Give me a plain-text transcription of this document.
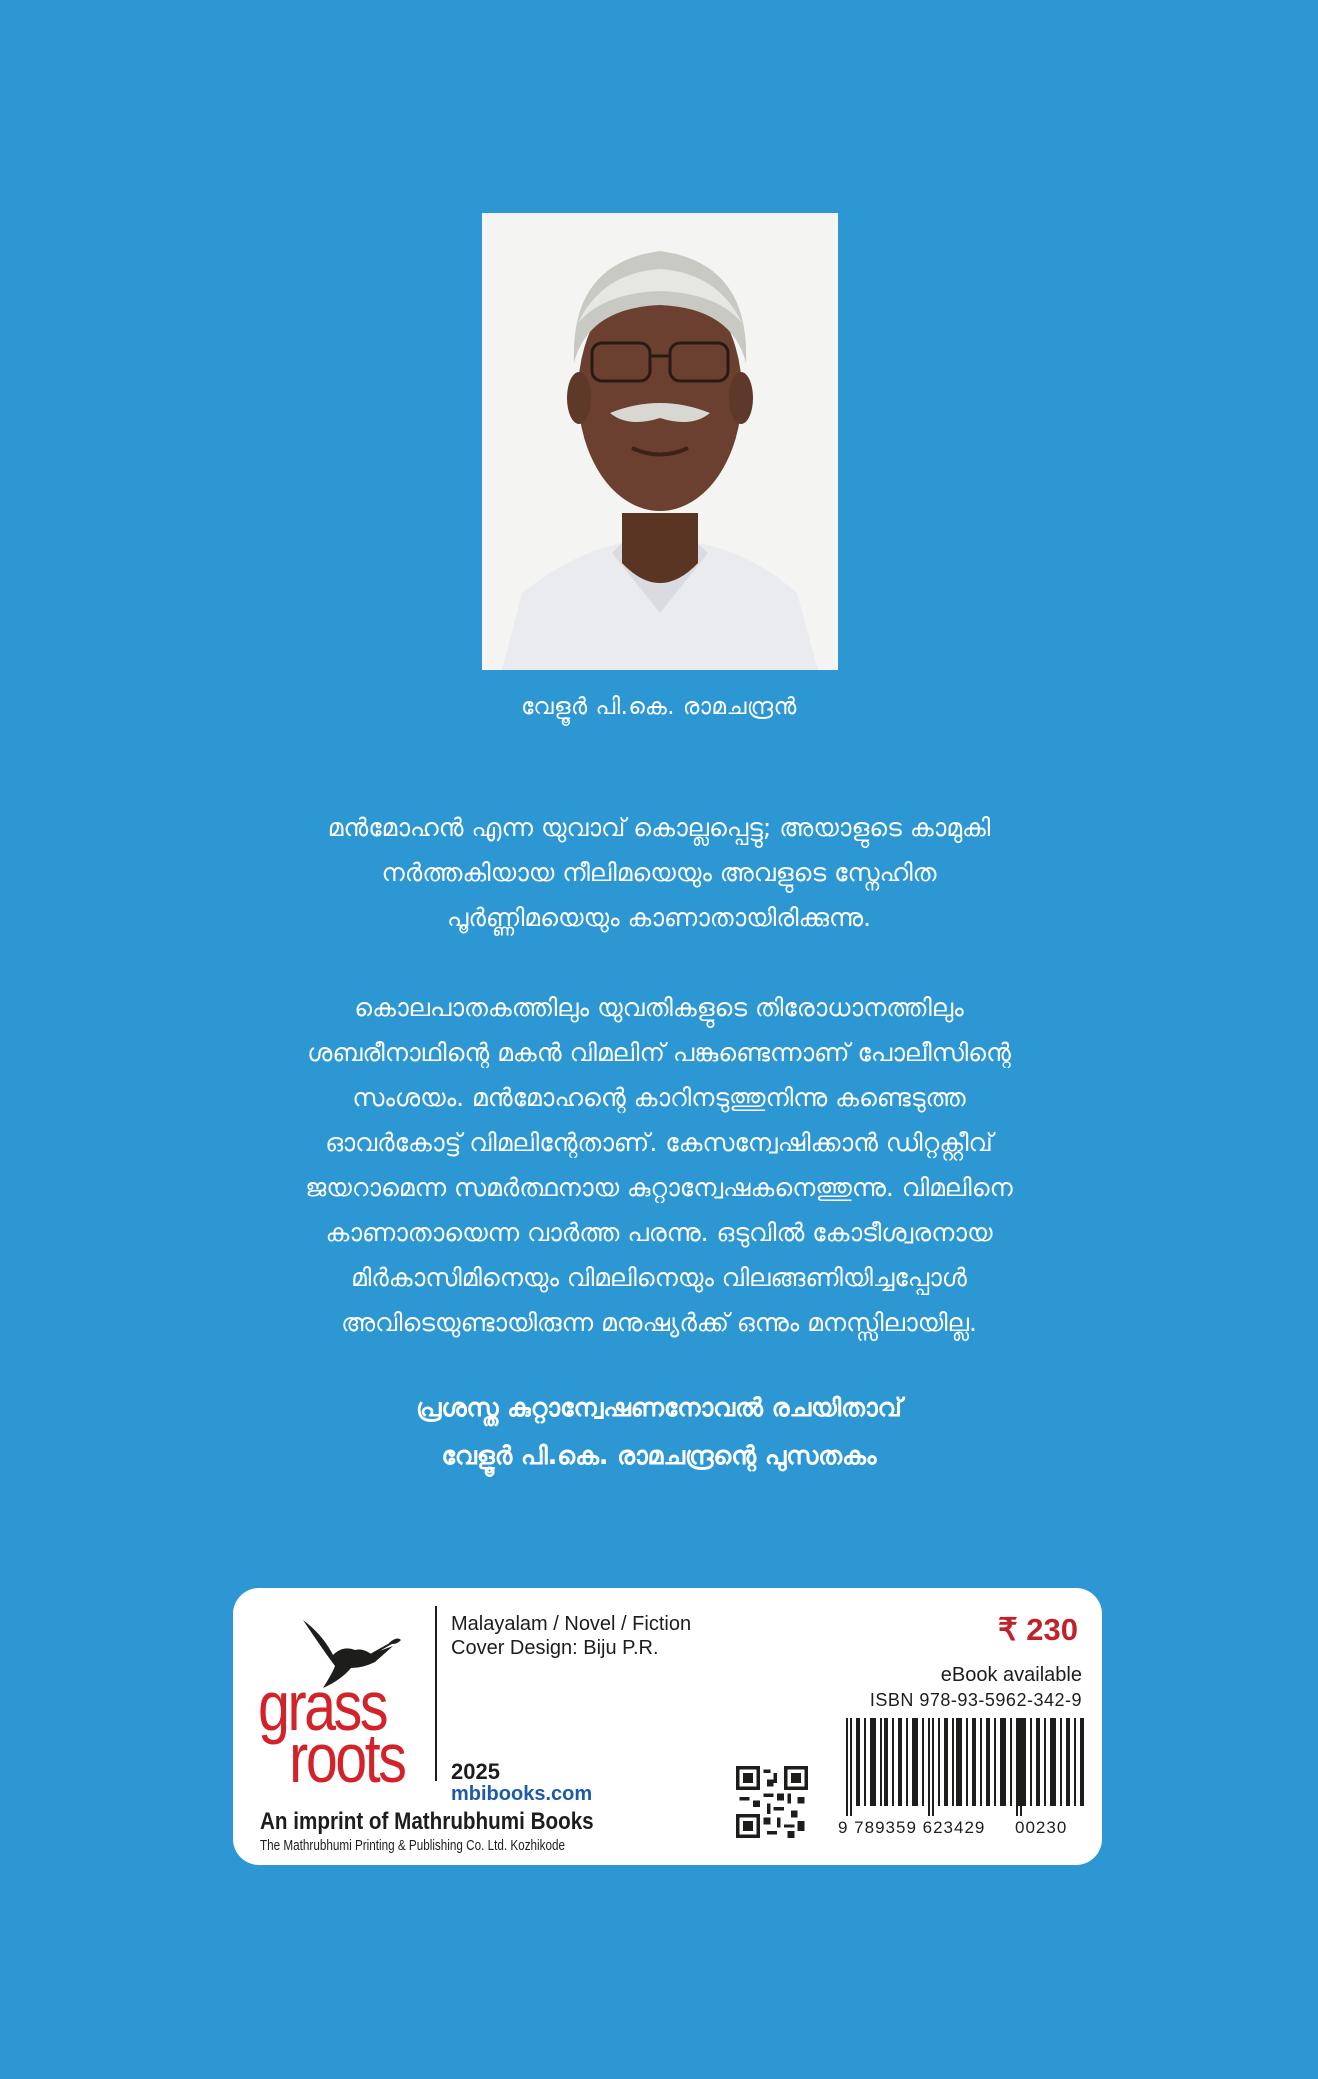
വേളൂർ പി.കെ. രാമചന്ദ്രൻ

മൻമോഹൻ എന്ന യുവാവ് കൊല്ലപ്പെട്ടു; അയാളുടെ കാമുകി

നർത്തകിയായ നീലിമയെയും അവളുടെ സ്നേഹിത

പൂർണ്ണിമയെയും കാണാതായിരിക്കുന്നു.

കൊലപാതകത്തിലും യുവതികളുടെ തിരോധാനത്തിലും

ശബരീനാഥിന്റെ മകൻ വിമലിന് പങ്കുണ്ടെന്നാണ് പോലീസിന്റെ

സംശയം. മൻമോഹന്റെ കാറിനടുത്തുനിന്നു കണ്ടെടുത്ത

ഓവർകോട്ട് വിമലിന്റേതാണ്. കേസന്വേഷിക്കാൻ ഡിറ്റക്റ്റീവ്

ജയറാമെന്ന സമർത്ഥനായ കുറ്റാന്വേഷകനെത്തുന്നു. വിമലിനെ

കാണാതായെന്ന വാർത്ത പരന്നു. ഒടുവിൽ കോടീശ്വരനായ

മിർകാസിമിനെയും വിമലിനെയും വിലങ്ങണിയിച്ചപ്പോൾ

അവിടെയുണ്ടായിരുന്ന മനുഷ്യർക്ക് ഒന്നും മനസ്സിലായില്ല.

പ്രശസ്ത കുറ്റാന്വേഷണനോവൽ രചയിതാവ്

വേളൂർ പി.കെ. രാമചന്ദ്രന്റെ പുസതകം

grass
roots
Malayalam / Novel / Fiction
Cover Design: Biju P.R.
2025
mbibooks.com
An imprint of Mathrubhumi Books
The Mathrubhumi Printing & Publishing Co. Ltd. Kozhikode
₹ 230
eBook available
ISBN 978-93-5962-342-9
9 789359 623429 00230
